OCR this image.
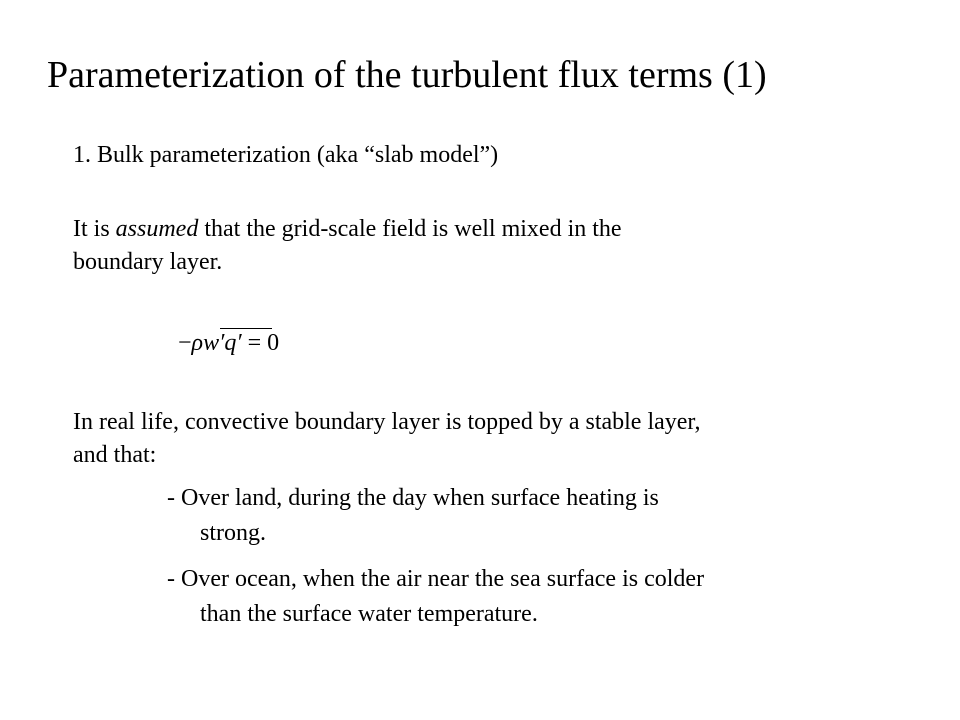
Parameterization of the turbulent flux terms (1)
1. Bulk parameterization (aka “slab model”)
It is assumed that the grid-scale field is well mixed in the
boundary layer.
−ρw′q′ = 0
In real life, convective boundary layer is topped by a stable layer,
and that:
- Over land, during the day when surface heating is
strong.
- Over ocean, when the air near the sea surface is colder
than the surface water temperature.
